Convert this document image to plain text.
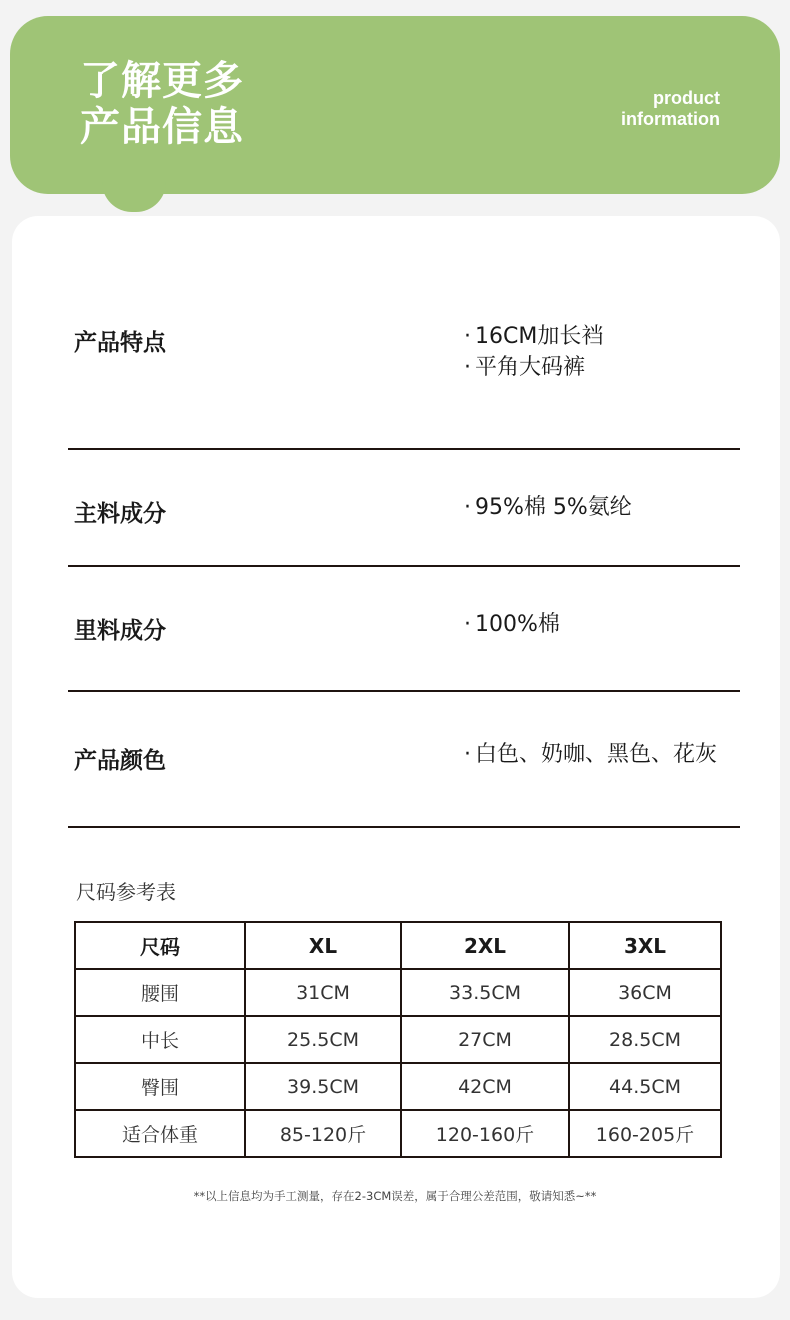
了解更多
产品信息
product
information
产品特点	· 16CM加长裆
· 平角大码裤
主料成分	· 95%棉 5%氨纶
里料成分	· 100%棉
产品颜色	· 白色、奶咖、黑色、花灰
尺码参考表
尺码	XL	2XL	3XL
腰围	31CM	33.5CM	36CM
中长	25.5CM	27CM	28.5CM
臀围	39.5CM	42CM	44.5CM
适合体重	85-120斤	120-160斤	160-205斤
**以上信息均为手工测量，存在2-3CM误差，属于合理公差范围，敬请知悉~**
